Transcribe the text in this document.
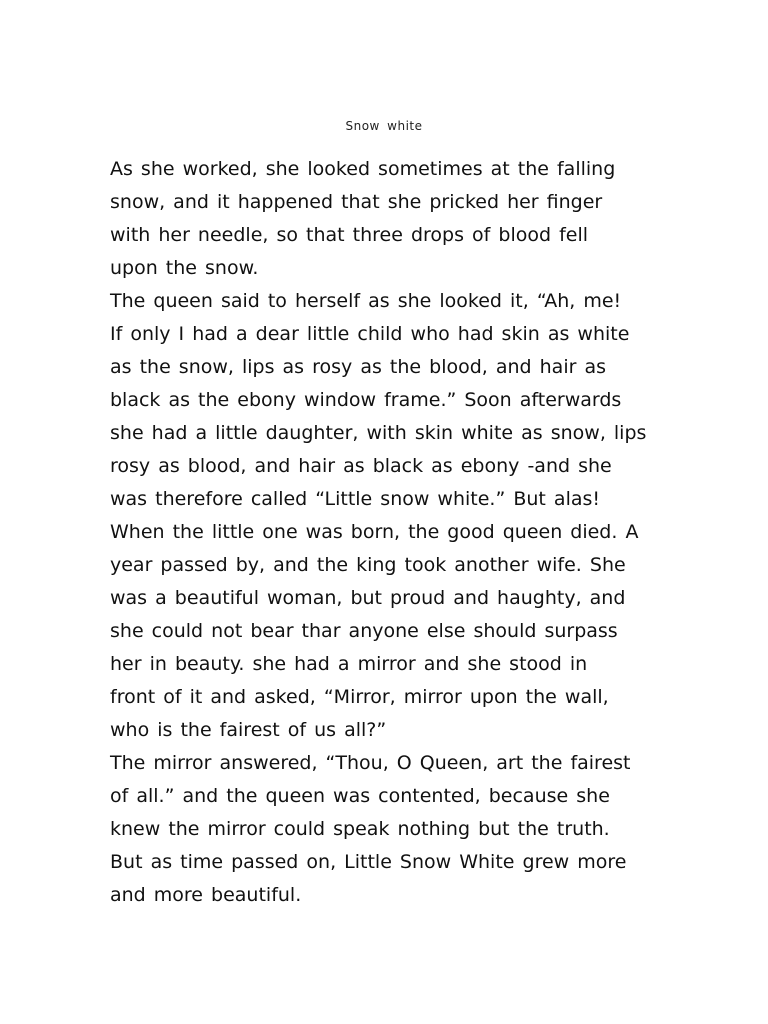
Snow white
As she worked, she looked sometimes at the falling
snow, and it happened that she pricked her finger
with her needle, so that three drops of blood fell
upon the snow.
The queen said to herself as she looked it, “Ah, me!
If only I had a dear little child who had skin as white
as the snow, lips as rosy as the blood, and hair as
black as the ebony window frame.” Soon afterwards
she had a little daughter, with skin white as snow, lips
rosy as blood, and hair as black as ebony -and she
was therefore called “Little snow white.” But alas!
When the little one was born, the good queen died. A
year passed by, and the king took another wife. She
was a beautiful woman, but proud and haughty, and
she could not bear thar anyone else should surpass
her in beauty. she had a mirror and she stood in
front of it and asked, “Mirror, mirror upon the wall,
who is the fairest of us all?”
The mirror answered, “Thou, O Queen, art the fairest
of all.” and the queen was contented, because she
knew the mirror could speak nothing but the truth.
But as time passed on, Little Snow White grew more
and more beautiful.
